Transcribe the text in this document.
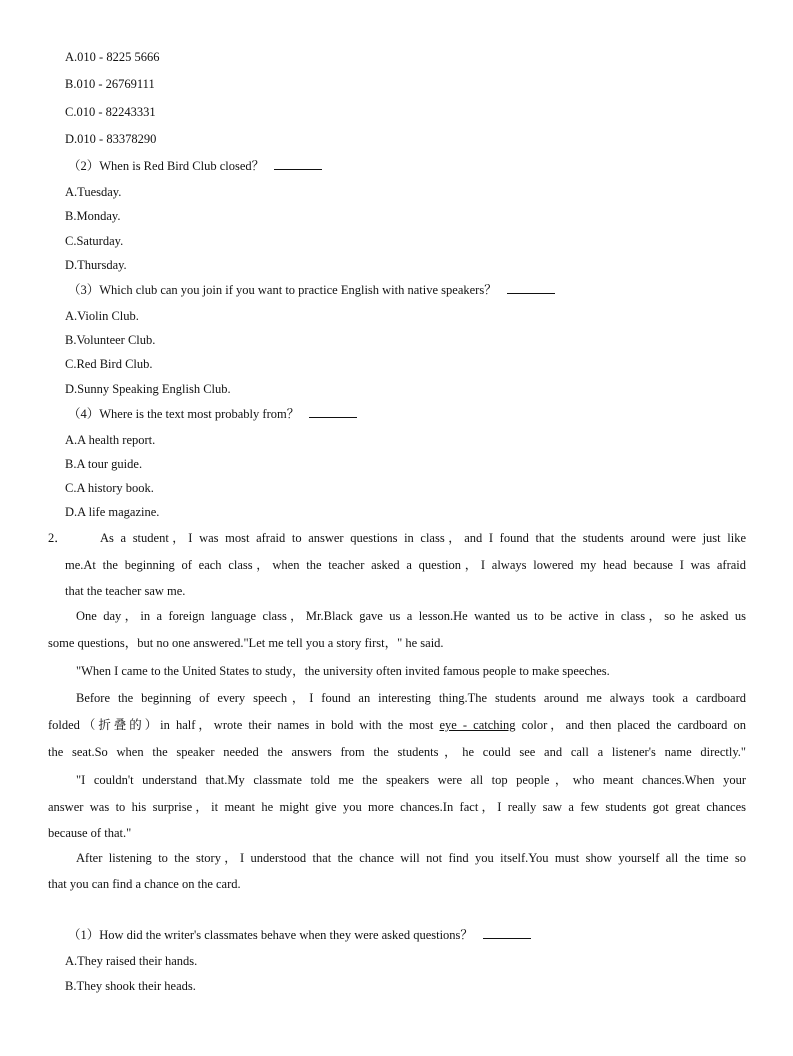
A.010 - 8225 5666
B.010 - 26769111
C.010 - 82243331
D.010 - 83378290
（2）When is Red Bird Club closed？
A.Tuesday.
B.Monday.
C.Saturday.
D.Thursday.
（3）Which club can you join if you want to practice English with native speakers？
A.Violin Club.
B.Volunteer Club.
C.Red Bird Club.
D.Sunny Speaking English Club.
（4）Where is the text most probably from？
A.A health report.
B.A tour guide.
C.A history book.
D.A life magazine.
2．	As a student，I was most afraid to answer questions in class，and I found that the students around were just like
me.At the beginning of each class，when the teacher asked a question，I always lowered my head because I was afraid
that the teacher saw me.
One day，in a foreign language class，Mr.Black gave us a lesson.He wanted us to be active in class，so he asked us
some questions，but no one answered."Let me tell you a story first，" he said.
"When I came to the United States to study，the university often invited famous people to make speeches.
Before the beginning of every speech，I found an interesting thing.The students around me always took a cardboard
folded（折叠的）in half，wrote their names in bold with the most eye - catching color，and then placed the cardboard on
the seat.So when the speaker needed the answers from the students，he could see and call a listener's name directly."
"I couldn't understand that.My classmate told me the speakers were all top people，who meant chances.When your
answer was to his surprise，it meant he might give you more chances.In fact，I really saw a few students got great chances
because of that."
After listening to the story，I understood that the chance will not find you itself.You must show yourself all the time so
that you can find a chance on the card.
（1）How did the writer's classmates behave when they were asked questions？
A.They raised their hands.
B.They shook their heads.
